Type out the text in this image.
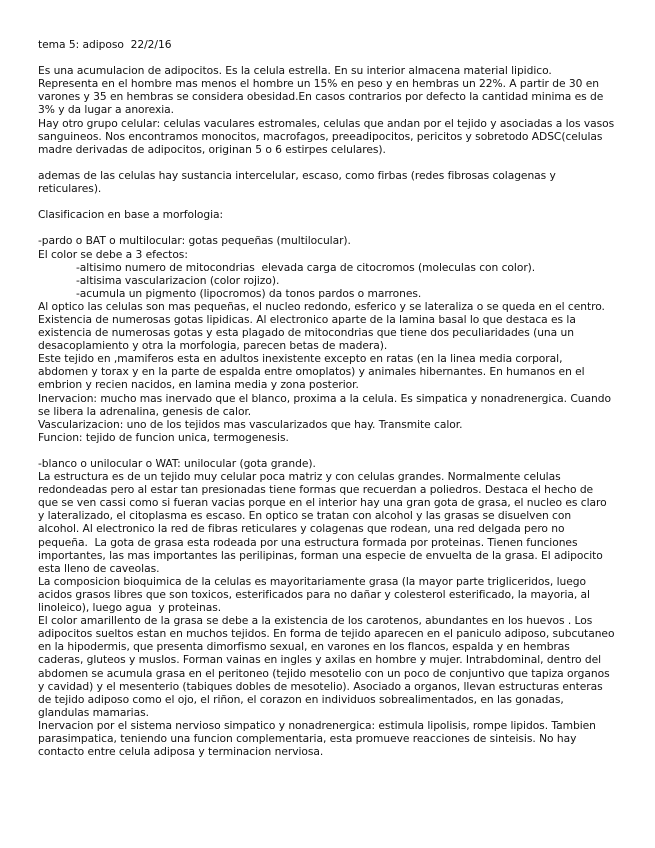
tema 5: adiposo  22/2/16
Es una acumulacion de adipocitos. Es la celula estrella. En su interior almacena material lipidico.
Representa en el hombre mas menos el hombre un 15% en peso y en hembras un 22%. A partir de 30 en
varones y 35 en hembras se considera obesidad.En casos contrarios por defecto la cantidad minima es de
3% y da lugar a anorexia.
Hay otro grupo celular: celulas vaculares estromales, celulas que andan por el tejido y asociadas a los vasos
sanguineos. Nos encontramos monocitos, macrofagos, preeadipocitos, pericitos y sobretodo ADSC(celulas
madre derivadas de adipocitos, originan 5 o 6 estirpes celulares).
ademas de las celulas hay sustancia intercelular, escaso, como firbas (redes fibrosas colagenas y
reticulares).
Clasificacion en base a morfologia:
-pardo o BAT o multilocular: gotas pequeñas (multilocular).
El color se debe a 3 efectos:
-altisimo numero de mitocondrias  elevada carga de citocromos (moleculas con color).
-altisima vascularizacion (color rojizo).
-acumula un pigmento (lipocromos) da tonos pardos o marrones.
Al optico las celulas son mas pequeñas, el nucleo redondo, esferico y se lateraliza o se queda en el centro.
Existencia de numerosas gotas lipidicas. Al electronico aparte de la lamina basal lo que destaca es la
existencia de numerosas gotas y esta plagado de mitocondrias que tiene dos peculiaridades (una un
desacoplamiento y otra la morfologia, parecen betas de madera).
Este tejido en ,mamiferos esta en adultos inexistente excepto en ratas (en la linea media corporal,
abdomen y torax y en la parte de espalda entre omoplatos) y animales hibernantes. En humanos en el
embrion y recien nacidos, en lamina media y zona posterior.
Inervacion: mucho mas inervado que el blanco, proxima a la celula. Es simpatica y nonadrenergica. Cuando
se libera la adrenalina, genesis de calor.
Vascularizacion: uno de los tejidos mas vascularizados que hay. Transmite calor.
Funcion: tejido de funcion unica, termogenesis.
-blanco o unilocular o WAT: unilocular (gota grande).
La estructura es de un tejido muy celular poca matriz y con celulas grandes. Normalmente celulas
redondeadas pero al estar tan presionadas tiene formas que recuerdan a poliedros. Destaca el hecho de
que se ven cassi como si fueran vacias porque en el interior hay una gran gota de grasa, el nucleo es claro
y lateralizado, el citoplasma es escaso. En optico se tratan con alcohol y las grasas se disuelven con
alcohol. Al electronico la red de fibras reticulares y colagenas que rodean, una red delgada pero no
pequeña.  La gota de grasa esta rodeada por una estructura formada por proteinas. Tienen funciones
importantes, las mas importantes las perilipinas, forman una especie de envuelta de la grasa. El adipocito
esta lleno de caveolas.
La composicion bioquimica de la celulas es mayoritariamente grasa (la mayor parte trigliceridos, luego
acidos grasos libres que son toxicos, esterificados para no dañar y colesterol esterificado, la mayoria, al
linoleico), luego agua  y proteinas.
El color amarillento de la grasa se debe a la existencia de los carotenos, abundantes en los huevos . Los
adipocitos sueltos estan en muchos tejidos. En forma de tejido aparecen en el paniculo adiposo, subcutaneo
en la hipodermis, que presenta dimorfismo sexual, en varones en los flancos, espalda y en hembras
caderas, gluteos y muslos. Forman vainas en ingles y axilas en hombre y mujer. Intrabdominal, dentro del
abdomen se acumula grasa en el peritoneo (tejido mesotelio con un poco de conjuntivo que tapiza organos
y cavidad) y el mesenterio (tabiques dobles de mesotelio). Asociado a organos, llevan estructuras enteras
de tejido adiposo como el ojo, el riñon, el corazon en individuos sobrealimentados, en las gonadas,
glandulas mamarias.
Inervacion por el sistema nervioso simpatico y nonadrenergica: estimula lipolisis, rompe lipidos. Tambien
parasimpatica, teniendo una funcion complementaria, esta promueve reacciones de sinteisis. No hay
contacto entre celula adiposa y terminacion nerviosa.
